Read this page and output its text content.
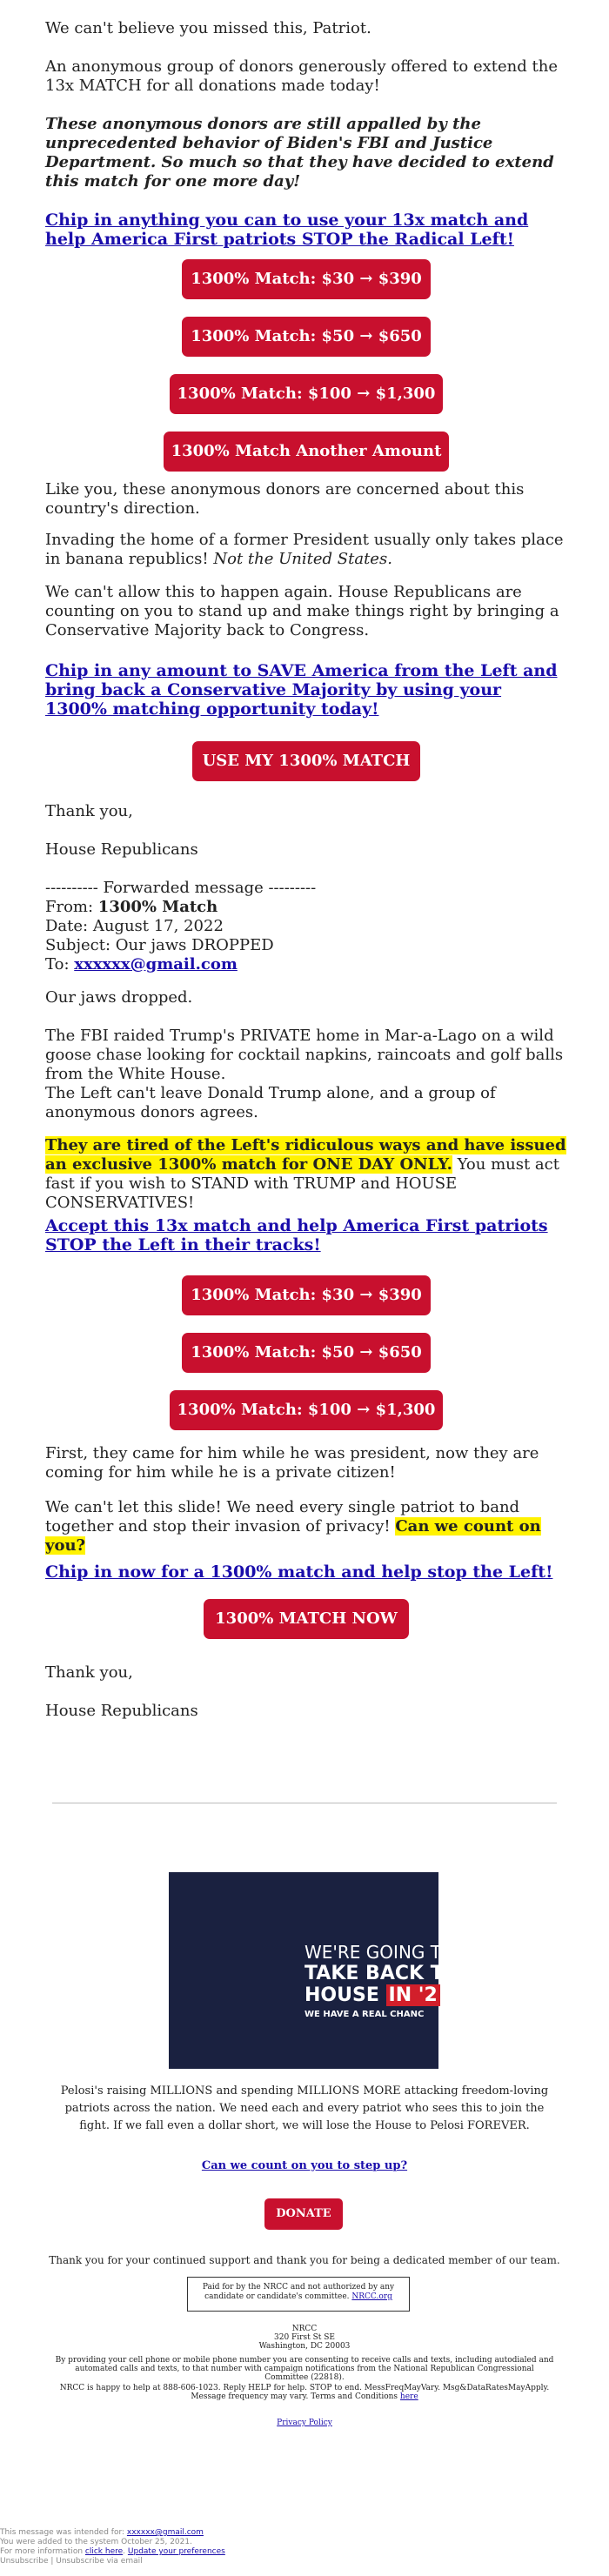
We can't believe you missed this, Patriot.

An anonymous group of donors generously offered to extend the 13x MATCH for all donations made today!

These anonymous donors are still appalled by the unprecedented behavior of Biden's FBI and Justice Department. So much so that they have decided to extend this match for one more day!

Chip in anything you can to use your 13x match and help America First patriots STOP the Radical Left!
1300% Match: $30 → $390
1300% Match: $50 → $650
1300% Match: $100 → $1,300
1300% Match Another Amount

Like you, these anonymous donors are concerned about this country's direction.

Invading the home of a former President usually only takes place in banana republics! Not the United States.

We can't allow this to happen again. House Republicans are counting on you to stand up and make things right by bringing a Conservative Majority back to Congress.

Chip in any amount to SAVE America from the Left and bring back a Conservative Majority by using your 1300% matching opportunity today!
USE MY 1300% MATCH

Thank you,

House Republicans

---------- Forwarded message ---------

From: 1300% Match

Date: August 17, 2022

Subject: Our jaws DROPPED

To: xxxxxx@gmail.com

Our jaws dropped.

The FBI raided Trump's PRIVATE home in Mar-a-Lago on a wild goose chase looking for cocktail napkins, raincoats and golf balls from the White House.

The Left can't leave Donald Trump alone, and a group of anonymous donors agrees.

They are tired of the Left's ridiculous ways and have issued an exclusive 1300% match for ONE DAY ONLY. You must act fast if you wish to STAND with TRUMP and HOUSE CONSERVATIVES!

Accept this 13x match and help America First patriots STOP the Left in their tracks!
1300% Match: $30 → $390
1300% Match: $50 → $650
1300% Match: $100 → $1,300

First, they came for him while he was president, now they are coming for him while he is a private citizen!

We can't let this slide! We need every single patriot to band together and stop their invasion of privacy! Can we count on you?

Chip in now for a 1300% match and help stop the Left!
1300% MATCH NOW

Thank you,

House Republicans

WE'RE GOING T
TAKE BACK TH
HOUSE IN '2
WE HAVE A REAL CHANC

Pelosi's raising MILLIONS and spending MILLIONS MORE attacking freedom-loving patriots across the nation. We need each and every patriot who sees this to join the fight. If we fall even a dollar short, we will lose the House to Pelosi FOREVER.

Can we count on you to step up?
DONATE

Thank you for your continued support and thank you for being a dedicated member of our team.

Paid for by the NRCC and not authorized by any candidate or candidate's committee. NRCC.org
NRCC
320 First St SE
Washington, DC 20003

By providing your cell phone or mobile phone number you are consenting to receive calls and texts, including autodialed and automated calls and texts, to that number with campaign notifications from the National Republican Congressional Committee (22818).

NRCC is happy to help at 888-606-1023. Reply HELP for help. STOP to end. MessFreqMayVary. Msg&DataRatesMayApply. Message frequency may vary. Terms and Conditions here

Privacy Policy
This message was intended for: xxxxxx@gmail.com
You were added to the system October 25, 2021.
For more information click here. Update your preferences
Unsubscribe | Unsubscribe via email
